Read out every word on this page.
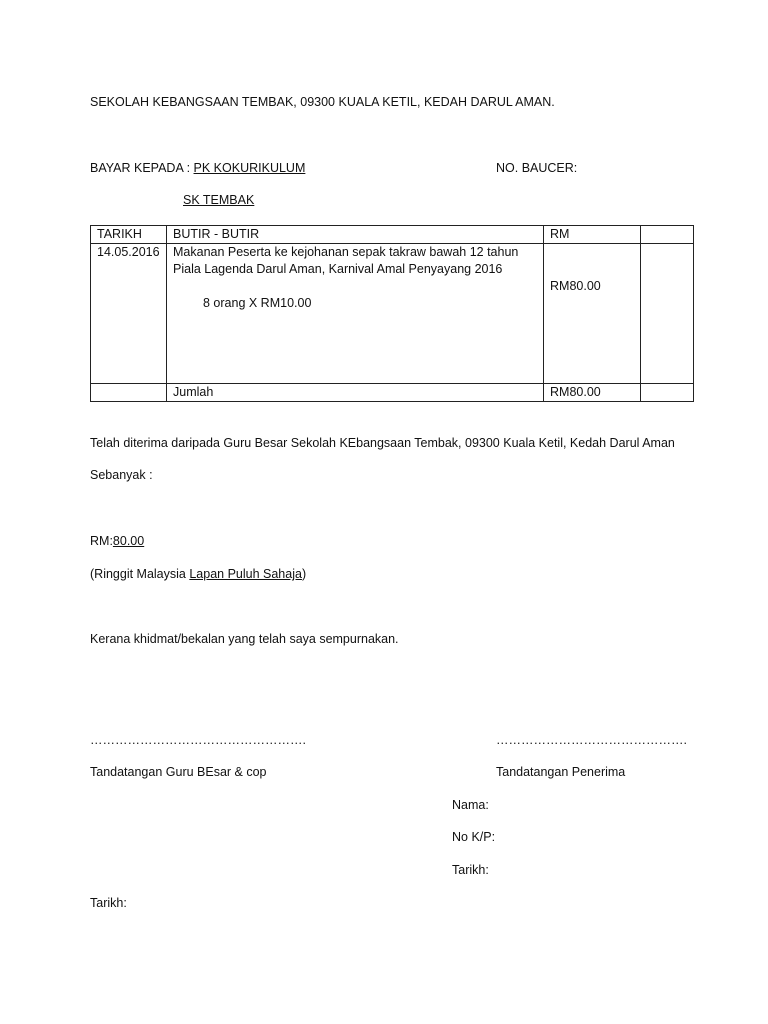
SEKOLAH KEBANGSAAN TEMBAK, 09300 KUALA KETIL, KEDAH DARUL AMAN.
BAYAR KEPADA : PK KOKURIKULUM	NO. BAUCER:
SK TEMBAK
TARIKH	BUTIR - BUTIR	RM	
14.05.2016	Makanan Peserta ke kejohanan sepak takraw bawah 12 tahun
Piala Lagenda Darul Aman, Karnival Amal Penyayang 2016
8 orang X RM10.00	RM80.00	

	Jumlah	RM80.00	
Telah diterima daripada Guru Besar Sekolah KEbangsaan Tembak, 09300 Kuala Ketil, Kedah Darul Aman
Sebanyak :
RM:80.00
(Ringgit Malaysia Lapan Puluh Sahaja)
Kerana khidmat/bekalan yang telah saya sempurnakan.
…………………………………………….	……………………………………….
Tandatangan Guru BEsar & cop	Tandatangan Penerima
Nama:
No K/P:
Tarikh:
Tarikh:
